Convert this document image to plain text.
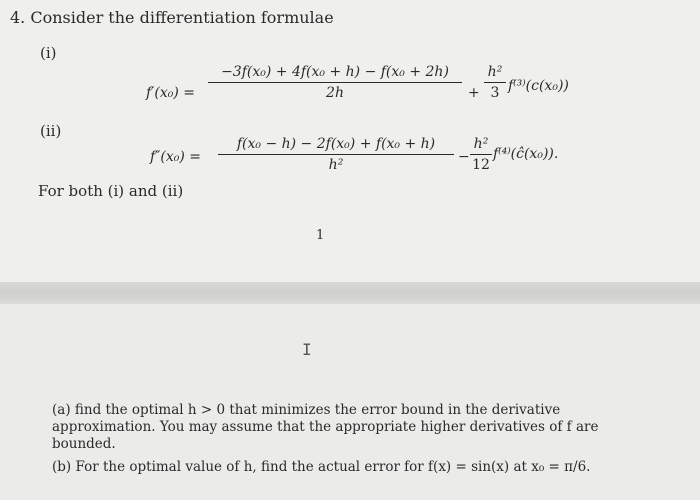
4. Consider the differentiation formulae
(i)
f′(x₀) =
−3f(x₀) + 4f(x₀ + h) − f(x₀ + 2h)
2h	+
h²
3 f⁽³⁾(c(x₀))
(ii)
f″(x₀) =
f(x₀ − h) − 2f(x₀) + f(x₀ + h)
h²	−
h²
12
f⁽⁴⁾(ĉ(x₀)).
For both (i) and (ii)
1
I
(a) find the optimal h > 0 that minimizes the error bound in the derivative approximation. You may assume that the appropriate higher derivatives of f are bounded.
(b) For the optimal value of h, find the actual error for f(x) = sin(x) at x₀ = π/6.
